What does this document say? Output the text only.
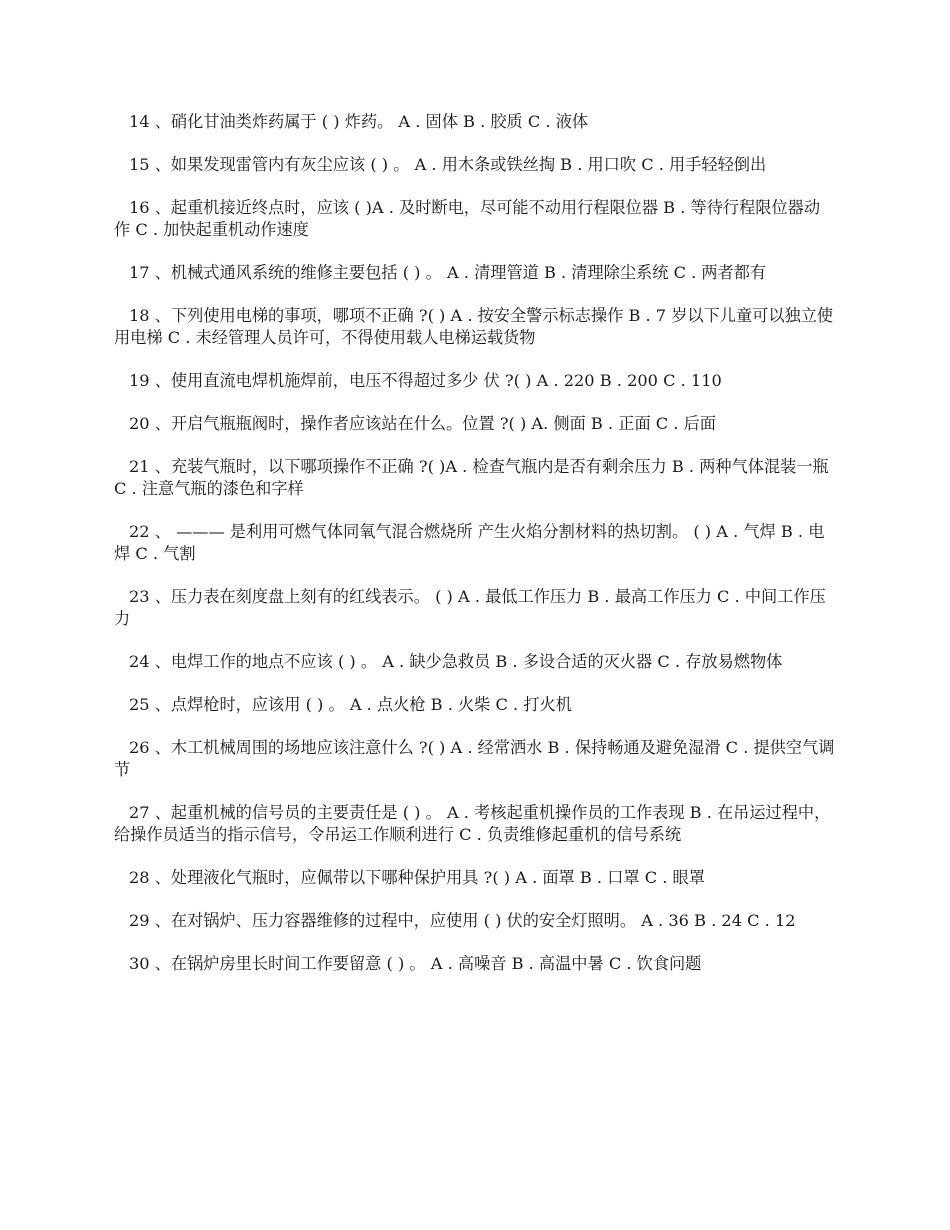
14 、硝化甘油类炸药属于 ( ) 炸药。 A . 固体 B . 胶质 C . 液体
15 、如果发现雷管内有灰尘应该 ( ) 。 A . 用木条或铁丝掏 B . 用口吹 C . 用手轻轻倒出
16 、起重机接近终点时，应该 ( )A . 及时断电，尽可能不动用行程限位器 B . 等待行程限位器动作 C . 加快起重机动作速度
17 、机械式通风系统的维修主要包括 ( ) 。 A . 清理管道 B . 清理除尘系统 C . 两者都有
18 、下列使用电梯的事项，哪项不正确 ?( ) A . 按安全警示标志操作 B . 7 岁以下儿童可以独立使用电梯 C . 未经管理人员许可，不得使用载人电梯运载货物
19 、使用直流电焊机施焊前，电压不得超过多少 伏 ?( ) A . 220 B . 200 C . 110
20 、开启气瓶瓶阀时，操作者应该站在什么。位置 ?( ) A. 侧面 B . 正面 C . 后面
21 、充装气瓶时，以下哪项操作不正确 ?( )A . 检查气瓶内是否有剩余压力 B . 两种气体混装一瓶 C . 注意气瓶的漆色和字样
22 、 ——— 是利用可燃气体同氧气混合燃烧所 产生火焰分割材料的热切割。 ( ) A . 气焊 B . 电焊 C . 气割
23 、压力表在刻度盘上刻有的红线表示。 ( ) A . 最低工作压力 B . 最高工作压力 C . 中间工作压力
24 、电焊工作的地点不应该 ( ) 。 A . 缺少急救员 B . 多设合适的灭火器 C . 存放易燃物体
25 、点焊枪时，应该用 ( ) 。 A . 点火枪 B . 火柴 C . 打火机
26 、木工机械周围的场地应该注意什么 ?( ) A . 经常洒水 B . 保持畅通及避免湿滑 C . 提供空气调节
27 、起重机械的信号员的主要责任是 ( ) 。 A . 考核起重机操作员的工作表现 B . 在吊运过程中，给操作员适当的指示信号，令吊运工作顺利进行 C . 负责维修起重机的信号系统
28 、处理液化气瓶时，应佩带以下哪种保护用具 ?( ) A . 面罩 B . 口罩 C . 眼罩
29 、在对锅炉、压力容器维修的过程中，应使用 ( ) 伏的安全灯照明。 A . 36 B . 24 C . 12
30 、在锅炉房里长时间工作要留意 ( ) 。 A . 高噪音 B . 高温中暑 C . 饮食问题
